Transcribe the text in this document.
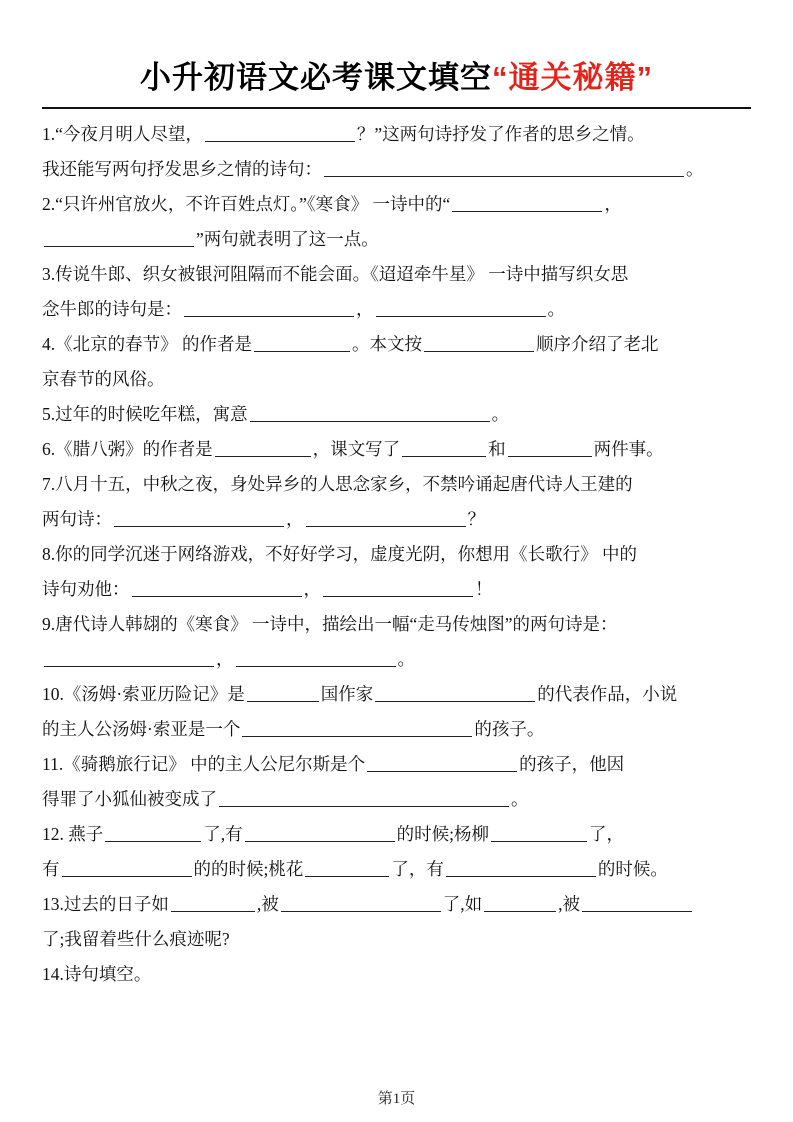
小升初语文必考课文填空“通关秘籍”

1.“今夜月明人尽望，	？”这两句诗抒发了作者的思乡之情。

我还能写两句抒发思乡之情的诗句：	。

2.“只许州官放火，不许百姓点灯。”《寒食》 一诗中的“	，

”两句就表明了这一点。

3.传说牛郎、织女被银河阻隔而不能会面。《迢迢牵牛星》 一诗中描写织女思

念牛郎的诗句是：	，	。

4.《北京的春节》 的作者是	。本文按	顺序介绍了老北

京春节的风俗。

5.过年的时候吃年糕，寓意	。

6.《腊八粥》的作者是	，课文写了	和	两件事。

7.八月十五，中秋之夜，身处异乡的人思念家乡，不禁吟诵起唐代诗人王建的

两句诗：	，	？

8.你的同学沉迷于网络游戏，不好好学习，虚度光阴，你想用《长歌行》 中的

诗句劝他：	，	！

9.唐代诗人韩翃的《寒食》 一诗中，描绘出一幅“走马传烛图”的两句诗是：

，	。

10.《汤姆·索亚历险记》是	国作家	的代表作品，小说

的主人公汤姆·索亚是一个	的孩子。

11.《骑鹅旅行记》 中的主人公尼尔斯是个	的孩子，他因

得罪了小狐仙被变成了	。

12. 燕子	了,有	的时候;杨柳	了，

有	的的时候;桃花	了，有	的时候。

13.过去的日子如	,被	了,如	,被

了;我留着些什么痕迹呢?

14.诗句填空。

第1页
